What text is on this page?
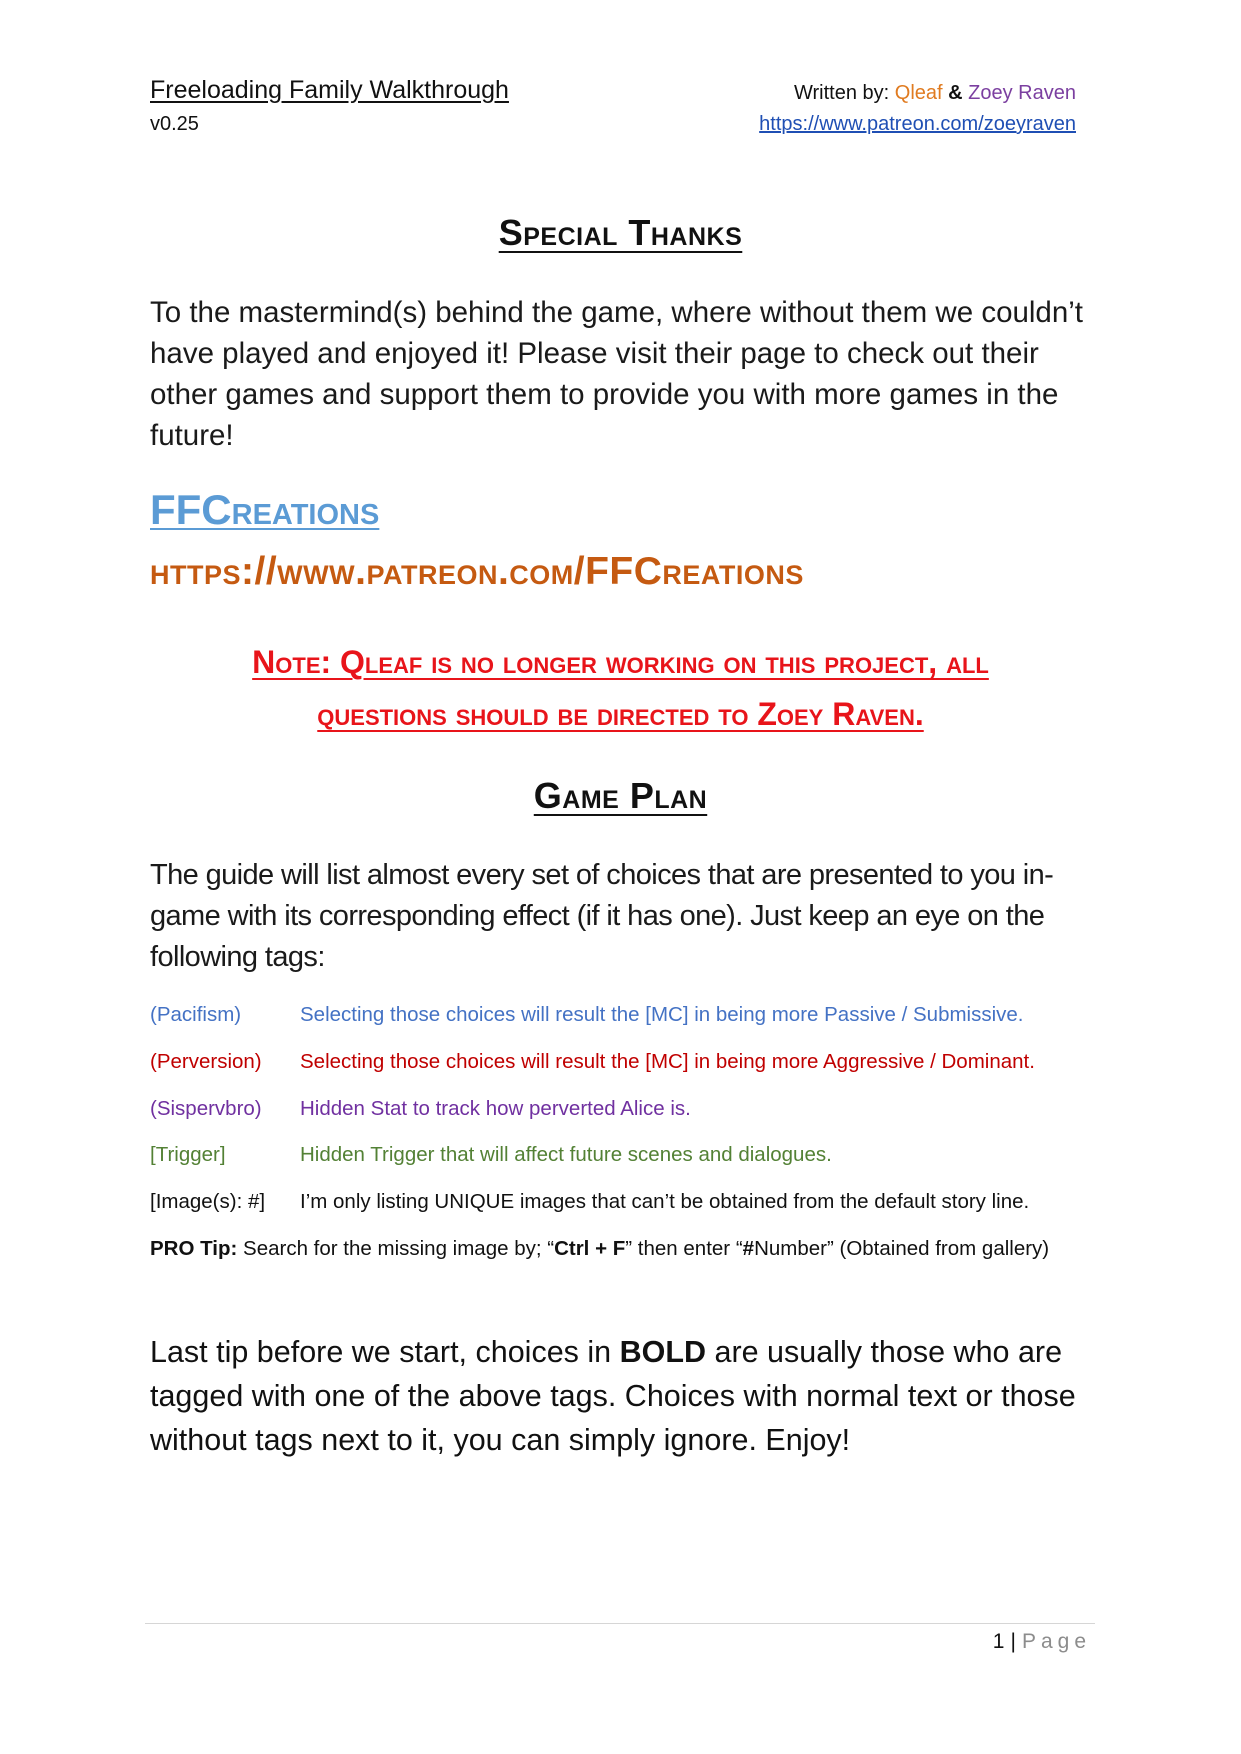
Freeloading Family Walkthrough
v0.25
Written by: Qleaf & Zoey Raven
https://www.patreon.com/zoeyraven
Special Thanks
To the mastermind(s) behind the game, where without them we couldn’t have played and enjoyed it! Please visit their page to check out their other games and support them to provide you with more games in the future!
FFCreations
https://www.patreon.com/FFCreations
Note: Qleaf is no longer working on this project, all
questions should be directed to Zoey Raven.
Game Plan
The guide will list almost every set of choices that are presented to you in-game with its corresponding effect (if it has one). Just keep an eye on the following tags:
(Pacifism)	Selecting those choices will result the [MC] in being more Passive / Submissive.
(Perversion) Selecting those choices will result the [MC] in being more Aggressive / Dominant.
(Sispervbro) Hidden Stat to track how perverted Alice is.
[Trigger]	Hidden Trigger that will affect future scenes and dialogues.
[Image(s): #] I’m only listing UNIQUE images that can’t be obtained from the default story line.
PRO Tip: Search for the missing image by; “Ctrl + F” then enter “#Number” (Obtained from gallery)
Last tip before we start, choices in BOLD are usually those who are tagged with one of the above tags. Choices with normal text or those without tags next to it, you can simply ignore. Enjoy!
1 | Page
